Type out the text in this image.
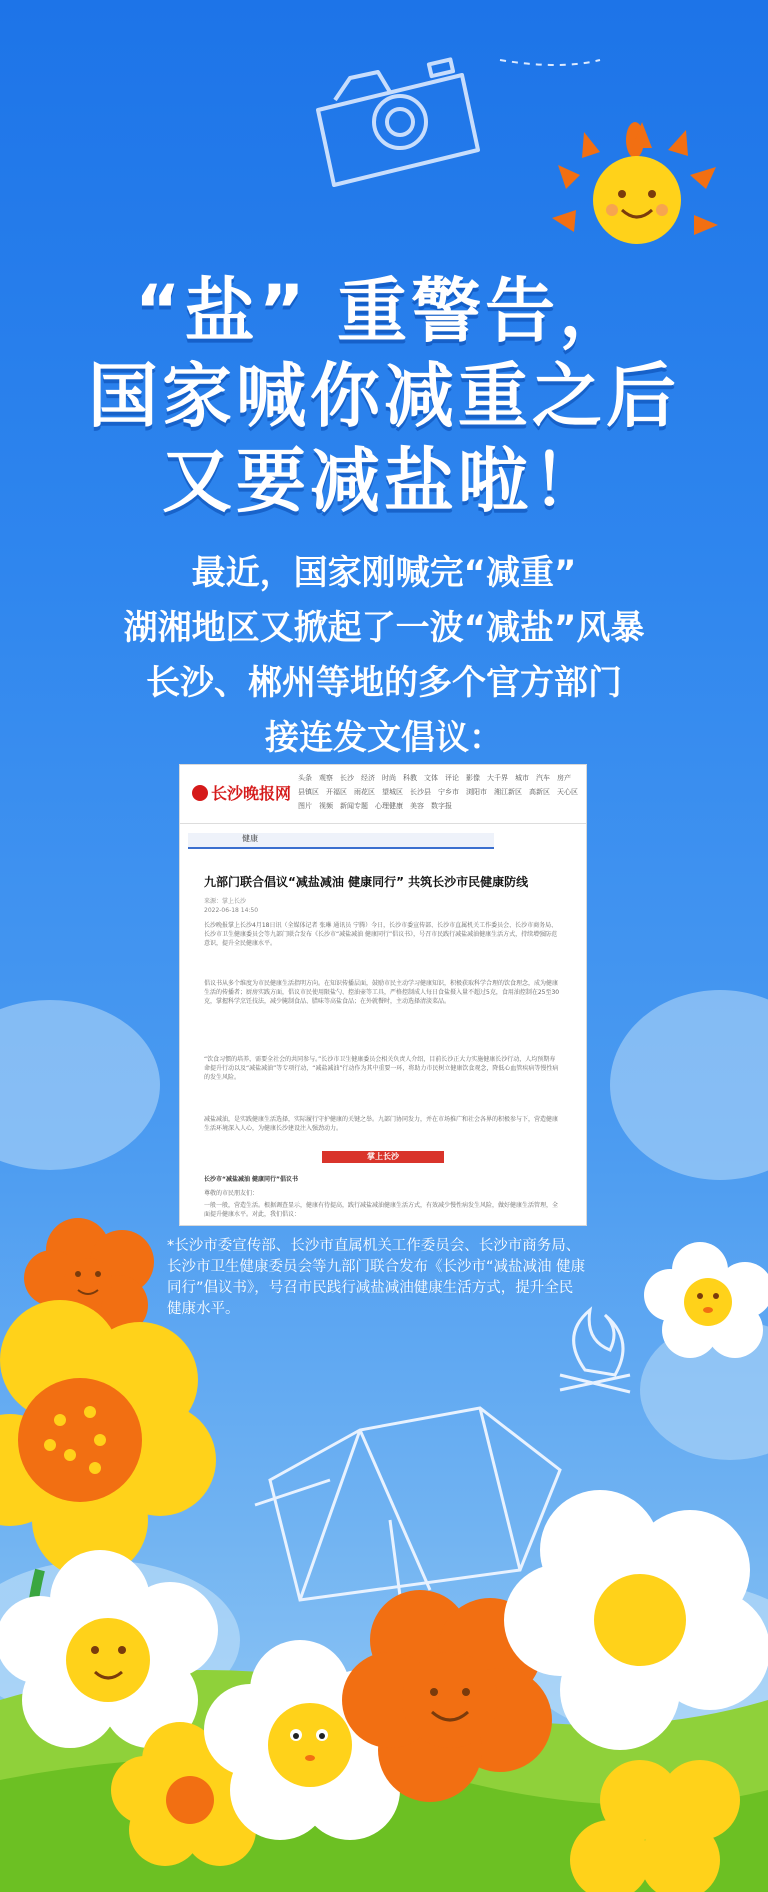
“盐” 重警告，
国家喊你减重之后
又要减盐啦！
最近，国家刚喊完“减重”
湖湘地区又掀起了一波“减盐”风暴
长沙、郴州等地的多个官方部门
接连发文倡议：
长沙晚报网
头条 观察 长沙 经济 时尚 科教 文体 评论 影像 大千界 城市 汽车 房产
县镇区 开福区 雨花区 望城区 长沙县 宁乡市 浏阳市 湘江新区 高新区 天心区
图片 视频 新闻专题 心理健康 美容 数字报
健康
九部门联合倡议“减盐减油 健康同行” 共筑长沙市民健康防线
来源：掌上长沙
2022-06-18 14:50
长沙晚报掌上长沙4月18日讯（全媒体记者 张琳 通讯员 宁腾）今日，长沙市委宣传部、长沙市直属机关工作委员会、长沙市商务局、长沙市卫生健康委员会等九部门联合发布《长沙市“减盐减油 健康同行”倡议书》，号召市民践行减盐减油健康生活方式，持续增强防范意识，提升全民健康水平。
倡议书从多个维度为市民健康生活指明方向。在知识传播层面，鼓励市民主动学习健康知识，积极获取科学合理的饮食理念，成为健康生活的传播者；厨房实践方面，倡议市民使用限盐勺、控油壶等工具，严格控制成人每日食盐摄入量不超过5克，食用油控制在25至30克，掌握科学烹饪技法，减少腌制食品、腊味等高盐食品；在外就餐时，主动选择清淡菜品。
“饮食习惯的培养，需要全社会的共同参与。”长沙市卫生健康委员会相关负责人介绍，目前长沙正大力实施健康长沙行动，人均预期寿命提升行动以及“减盐减油”等专项行动，“减盐减油”行动作为其中重要一环，将助力市民树立健康饮食观念，降低心血管疾病等慢性病的发生风险。
减盐减油，是实践健康生活选择，实际履行守护健康的关键之举。九部门协同发力，并在市场推广和社会各界的积极参与下，营造健康生活环境深入人心，为健康长沙建设注入强劲动力。
掌上长沙
长沙市“减盐减油 健康同行”倡议书
尊敬的市民朋友们：
一般一般，营造生活。根据调查显示，健康有待提高，践行减盐减油健康生活方式，有效减少慢性病发生风险，做好健康生活管理，全面提升健康水平。对此，我们倡议：
*长沙市委宣传部、长沙市直属机关工作委员会、长沙市商务局、长沙市卫生健康委员会等九部门联合发布《长沙市“减盐减油 健康同行”倡议书》，号召市民践行减盐减油健康生活方式，提升全民健康水平。
